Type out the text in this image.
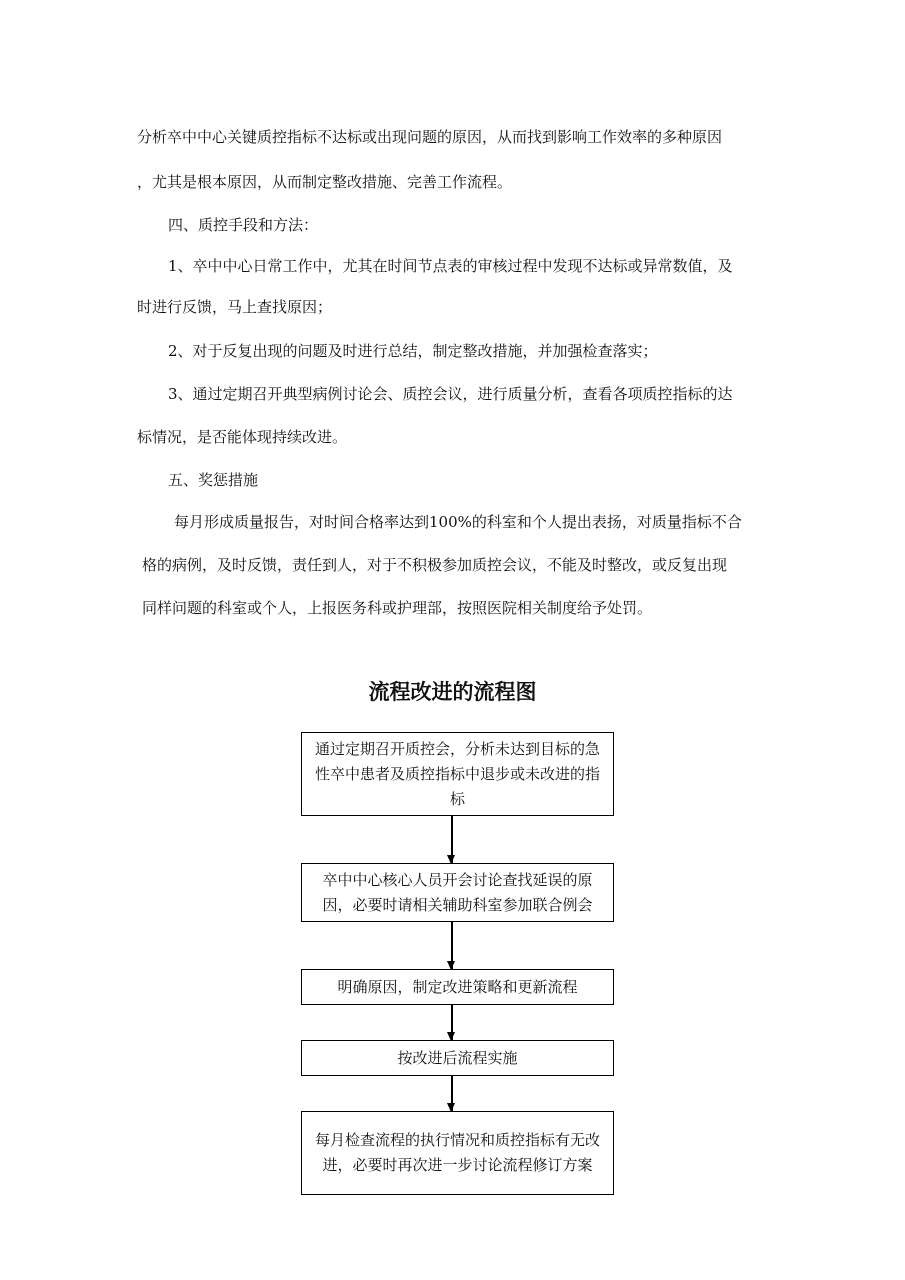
分析卒中中心关键质控指标不达标或出现问题的原因，从而找到影响工作效率的多种原因
，尤其是根本原因，从而制定整改措施、完善工作流程。
四、质控手段和方法：
1、卒中中心日常工作中，尤其在时间节点表的审核过程中发现不达标或异常数值，及
时进行反馈，马上查找原因；
2、对于反复出现的问题及时进行总结，制定整改措施，并加强检查落实；
3、通过定期召开典型病例讨论会、质控会议，进行质量分析，查看各项质控指标的达
标情况，是否能体现持续改进。
五、奖惩措施
每月形成质量报告，对时间合格率达到100%的科室和个人提出表扬，对质量指标不合
格的病例，及时反馈，责任到人，对于不积极参加质控会议，不能及时整改，或反复出现
同样问题的科室或个人，上报医务科或护理部，按照医院相关制度给予处罚。
流程改进的流程图
通过定期召开质控会，分析未达到目标的急性卒中患者及质控指标中退步或未改进的指标
卒中中心核心人员开会讨论查找延误的原因，必要时请相关辅助科室参加联合例会
明确原因，制定改进策略和更新流程
按改进后流程实施
每月检查流程的执行情况和质控指标有无改进，必要时再次进一步讨论流程修订方案
